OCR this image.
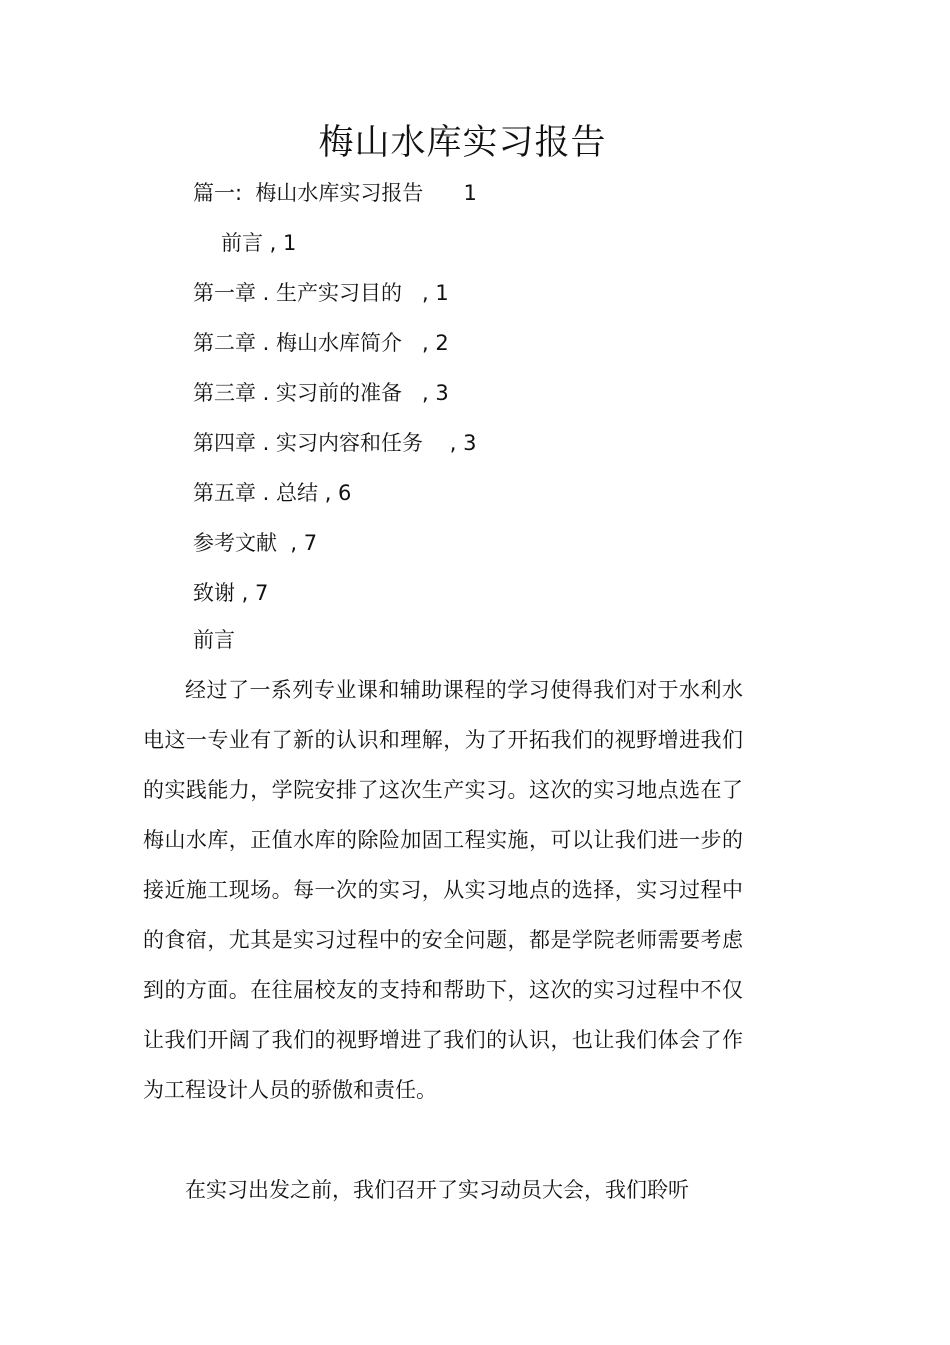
梅山水库实习报告
篇一:  梅山水库实习报告      1
前言 , 1
第一章 . 生产实习目的   , 1
第二章 . 梅山水库简介   , 2
第三章 . 实习前的准备   , 3
第四章 . 实习内容和任务    , 3
第五章 . 总结 , 6
参考文献  , 7
致谢 , 7
前言

经过了一系列专业课和辅助课程的学习使得我们对于水利水电这一专业有了新的认识和理解，为了开拓我们的视野增进我们的实践能力，学院安排了这次生产实习。这次的实习地点选在了梅山水库，正值水库的除险加固工程实施，可以让我们进一步的接近施工现场。每一次的实习，从实习地点的选择，实习过程中的食宿，尤其是实习过程中的安全问题，都是学院老师需要考虑到的方面。在往届校友的支持和帮助下，这次的实习过程中不仅让我们开阔了我们的视野增进了我们的认识，也让我们体会了作为工程设计人员的骄傲和责任。

在实习出发之前，我们召开了实习动员大会，我们聆听
